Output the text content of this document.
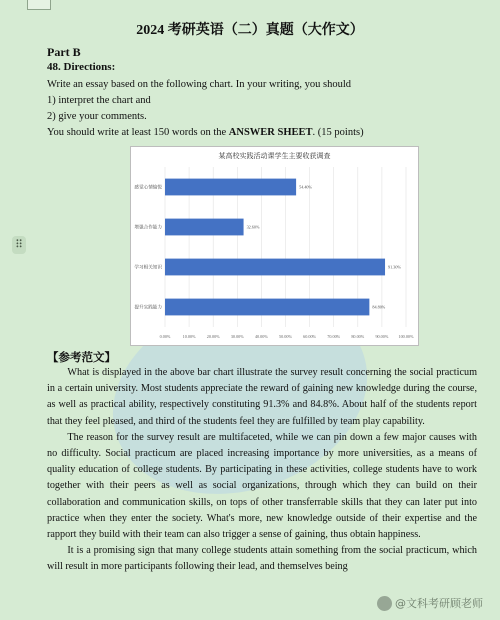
2024 考研英语（二）真题（大作文）
Part B
48. Directions:
Write an essay based on the following chart. In your writing, you should
1) interpret the chart and
2) give your comments.
You should write at least 150 words on the ANSWER SHEET. (15 points)
⠿
某高校实践活动课学生主要收获调查
感觉心情愉悦	54.40%
增强合作能力	32.60%
学习相关知识	91.30%
提升实践能力	84.80%
0.00%	10.00%	20.00%	30.00%	40.00%	50.00%	60.00%	70.00%	80.00%	90.00% 100.00%
【参考范文】

What is displayed in the above bar chart illustrate the survey result concerning the social practicum in a certain university. Most students appreciate the reward of gaining new knowledge during the course, as well as practical ability, respectively constituting 91.3% and 84.8%. About half of the students report that they feel pleased, and third of the students feel they are fulfilled by team play capability.

The reason for the survey result are multifaceted, while we can pin down a few major causes with no difficulty. Social practicum are placed increasing importance by more universities, as a means of quality education of college students. By participating in these activities, college students have to work together with their peers as well as social organizations, through which they can build on their collaboration and communication skills, on tops of other transferrable skills that they can later put into practice when they enter the society. What's more, new knowledge outside of their expertise and the rapport they build with their team can also trigger a sense of gaining, thus obtain happiness.

It is a promising sign that many college students attain something from the social practicum, which will result in more participants following their lead, and themselves being

@文科考研顾老师
